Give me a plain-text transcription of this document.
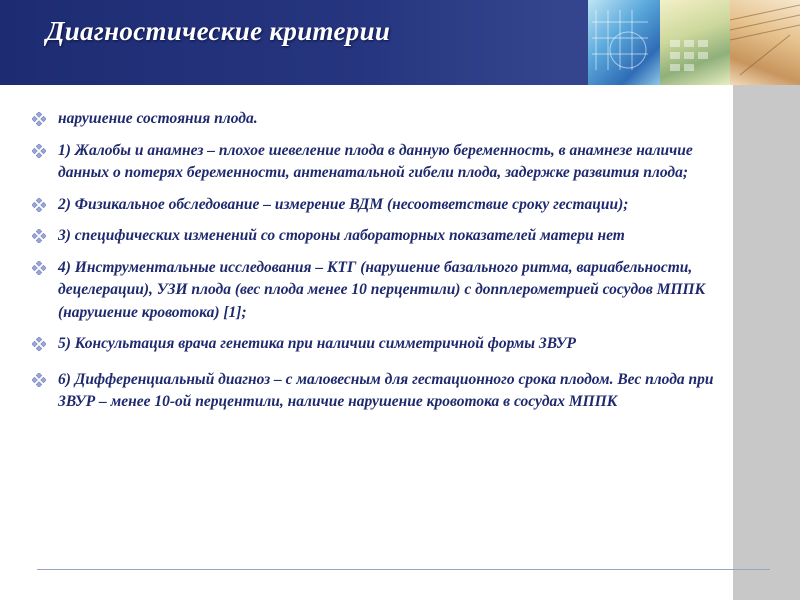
Диагностические критерии
нарушение состояния плода.
1) Жалобы и анамнез – плохое шевеление плода в данную беременность, в анамнезе наличие данных о потерях беременности, антенатальной гибели плода, задержке развития плода;
2) Физикальное обследование – измерение ВДМ (несоответствие сроку гестации);
3) специфических изменений со стороны лабораторных показателей матери нет
4) Инструментальные исследования – КТГ (нарушение базального ритма, вариабельности, децелерации), УЗИ плода (вес плода менее 10 перцентили) с допплерометрией сосудов МППК (нарушение кровотока) [1];
5) Консультация врача генетика при наличии симметричной формы ЗВУР
6) Дифференциальный диагноз – с маловесным для гестационного срока плодом. Вес плода при ЗВУР – менее 10-ой перцентили, наличие нарушение кровотока в сосудах МППК
